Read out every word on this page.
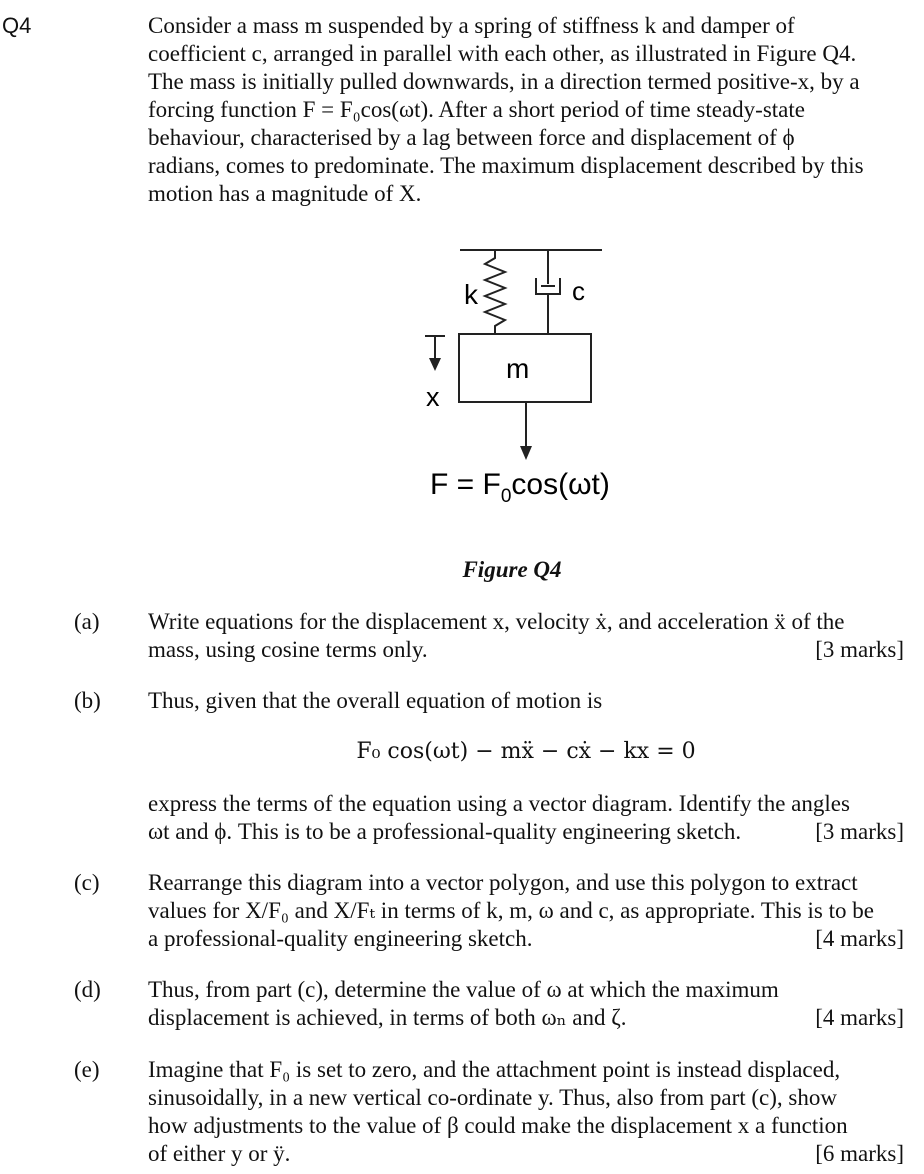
Q4	Consider a mass m suspended by a spring of stiffness k and damper of

coefficient c, arranged in parallel with each other, as illustrated in Figure Q4.

The mass is initially pulled downwards, in a direction termed positive-x, by a

forcing function F = F₀cos(ωt). After a short period of time steady-state

behaviour, characterised by a lag between force and displacement of ϕ

radians, comes to predominate. The maximum displacement described by this

motion has a magnitude of X.

k	c
m
x
$F = F_0\cos(\omega t)$
Figure Q4
(a) Write equations for the displacement x, velocity ẋ, and acceleration ẍ of the

mass, using cosine terms only.	[3 marks]
(b) Thus, given that the overall equation of motion is

F₀ cos(ωt) − mẍ − cẋ − kx = 0

express the terms of the equation using a vector diagram. Identify the angles

ωt and ϕ. This is to be a professional-quality engineering sketch.	[3 marks]
(c) Rearrange this diagram into a vector polygon, and use this polygon to extract

values for X/F₀ and X/Fₜ in terms of k, m, ω and c, as appropriate. This is to be

a professional-quality engineering sketch.	[4 marks]
(d) Thus, from part (c), determine the value of ω at which the maximum

displacement is achieved, in terms of both ωₙ and ζ.	[4 marks]
(e) Imagine that F₀ is set to zero, and the attachment point is instead displaced,

sinusoidally, in a new vertical co-ordinate y. Thus, also from part (c), show

how adjustments to the value of β could make the displacement x a function

of either y or ÿ.	[6 marks]
